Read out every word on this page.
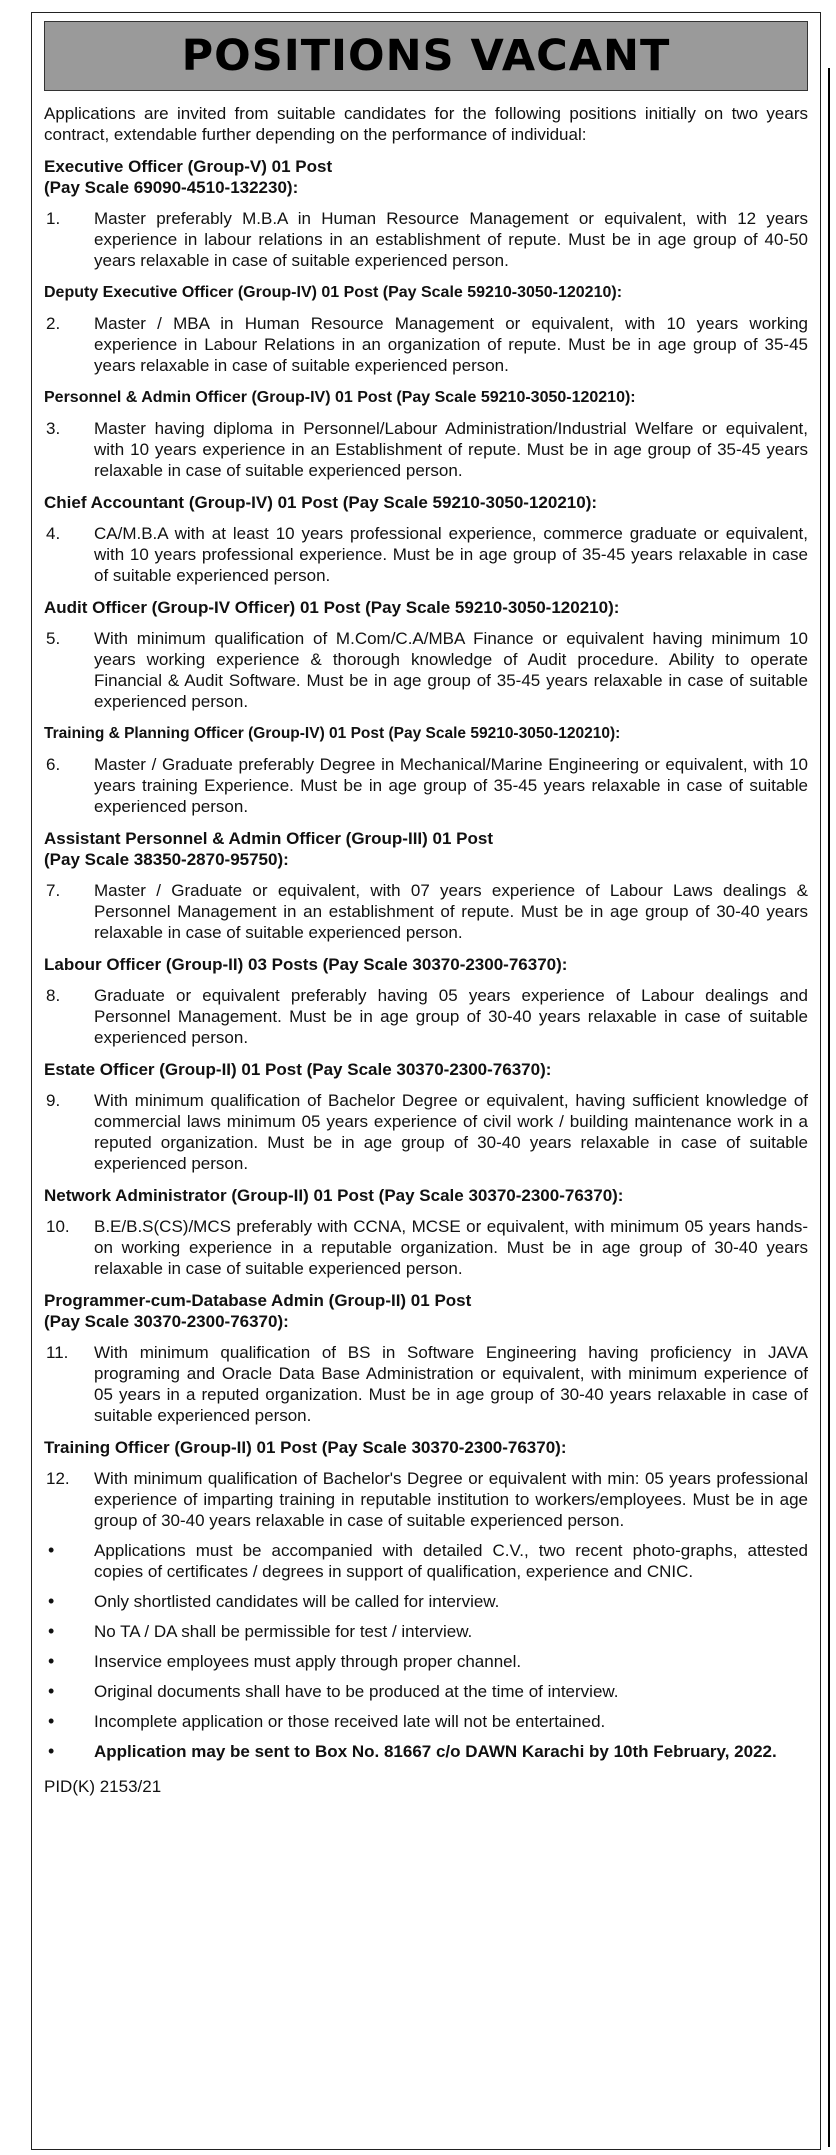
POSITIONS VACANT
Applications are invited from suitable candidates for the following positions initially on two years contract, extendable further depending on the performance of individual:
Executive Officer (Group-V) 01 Post
(Pay Scale 69090-4510-132230):
1.	Master preferably M.B.A in Human Resource Management or equivalent, with 12 years experience in labour relations in an establishment of repute. Must be in age group of 40-50 years relaxable in case of suitable experienced person.
Deputy Executive Officer (Group-IV) 01 Post (Pay Scale 59210-3050-120210):
2.	Master / MBA in Human Resource Management or equivalent, with 10 years working experience in Labour Relations in an organization of repute. Must be in age group of 35-45 years relaxable in case of suitable experienced person.
Personnel & Admin Officer (Group-IV) 01 Post (Pay Scale 59210-3050-120210):
3.	Master having diploma in Personnel/Labour Administration/Industrial Welfare or equivalent, with 10 years experience in an Establishment of repute. Must be in age group of 35-45 years relaxable in case of suitable experienced person.
Chief Accountant (Group-IV) 01 Post (Pay Scale 59210-3050-120210):
4.	CA/M.B.A with at least 10 years professional experience, commerce graduate or equivalent, with 10 years professional experience. Must be in age group of 35-45 years relaxable in case of suitable experienced person.
Audit Officer (Group-IV Officer) 01 Post (Pay Scale 59210-3050-120210):
5.	With minimum qualification of M.Com/C.A/MBA Finance or equivalent having minimum 10 years working experience & thorough knowledge of Audit procedure. Ability to operate Financial & Audit Software. Must be in age group of 35-45 years relaxable in case of suitable experienced person.
Training & Planning Officer (Group-IV) 01 Post (Pay Scale 59210-3050-120210):
6.	Master / Graduate preferably Degree in Mechanical/Marine Engineering or equivalent, with 10 years training Experience. Must be in age group of 35-45 years relaxable in case of suitable experienced person.
Assistant Personnel & Admin Officer (Group-III) 01 Post
(Pay Scale 38350-2870-95750):
7.	Master / Graduate or equivalent, with 07 years experience of Labour Laws dealings & Personnel Management in an establishment of repute. Must be in age group of 30-40 years relaxable in case of suitable experienced person.
Labour Officer (Group-II) 03 Posts (Pay Scale 30370-2300-76370):
8.	Graduate or equivalent preferably having 05 years experience of Labour dealings and Personnel Management. Must be in age group of 30-40 years relaxable in case of suitable experienced person.
Estate Officer (Group-II) 01 Post (Pay Scale 30370-2300-76370):
9.	With minimum qualification of Bachelor Degree or equivalent, having sufficient knowledge of commercial laws minimum 05 years experience of civil work / building maintenance work in a reputed organization. Must be in age group of 30-40 years relaxable in case of suitable experienced person.
Network Administrator (Group-II) 01 Post (Pay Scale 30370-2300-76370):
10.	B.E/B.S(CS)/MCS preferably with CCNA, MCSE or equivalent, with minimum 05 years hands-on working experience in a reputable organization. Must be in age group of 30-40 years relaxable in case of suitable experienced person.
Programmer-cum-Database Admin (Group-II) 01 Post
(Pay Scale 30370-2300-76370):
11.	With minimum qualification of BS in Software Engineering having proficiency in JAVA programing and Oracle Data Base Administration or equivalent, with minimum experience of 05 years in a reputed organization. Must be in age group of 30-40 years relaxable in case of suitable experienced person.
Training Officer (Group-II) 01 Post (Pay Scale 30370-2300-76370):
12.	With minimum qualification of Bachelor's Degree or equivalent with min: 05 years professional experience of imparting training in reputable institution to workers/employees. Must be in age group of 30-40 years relaxable in case of suitable experienced person.
•	Applications must be accompanied with detailed C.V., two recent photo-graphs, attested copies of certificates / degrees in support of qualification, experience and CNIC.
•	Only shortlisted candidates will be called for interview.
•	No TA / DA shall be permissible for test / interview.
•	Inservice employees must apply through proper channel.
•	Original documents shall have to be produced at the time of interview.
•	Incomplete application or those received late will not be entertained.
•	Application may be sent to Box No. 81667 c/o DAWN Karachi by 10th February, 2022.
PID(K) 2153/21
